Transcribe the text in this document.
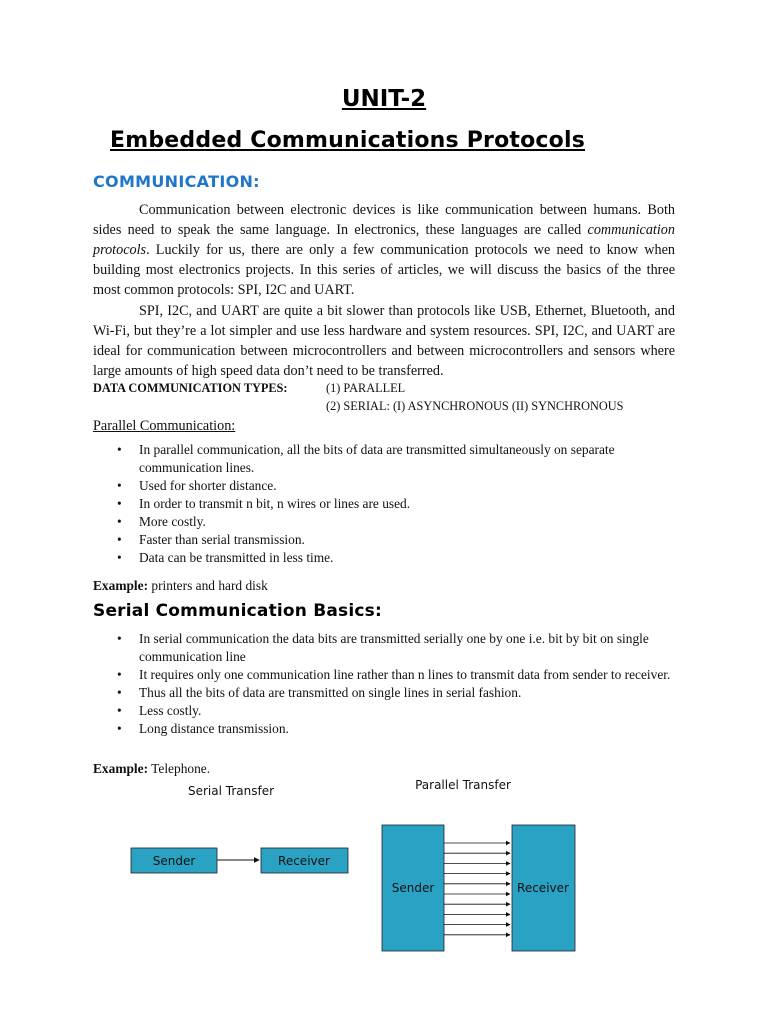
UNIT-2
Embedded Communications Protocols
COMMUNICATION:

Communication between electronic devices is like communication between humans. Both sides need to speak the same language. In electronics, these languages are called communication protocols. Luckily for us, there are only a few communication protocols we need to know when building most electronics projects. In this series of articles, we will discuss the basics of the three most common protocols: SPI, I2C and UART.

SPI, I2C, and UART are quite a bit slower than protocols like USB, Ethernet, Bluetooth, and Wi-Fi, but they’re a lot simpler and use less hardware and system resources. SPI, I2C, and UART are ideal for communication between microcontrollers and between microcontrollers and sensors where large amounts of high speed data don’t need to be transferred.

DATA COMMUNICATION TYPES:	(1) PARALLEL
(2) SERIAL: (I) ASYNCHRONOUS (II) SYNCHRONOUS
Parallel Communication:
• In parallel communication, all the bits of data are transmitted simultaneously on separate communication lines.
• Used for shorter distance.
• In order to transmit n bit, n wires or lines are used.
• More costly.
• Faster than serial transmission.
• Data can be transmitted in less time.
Example: printers and hard disk
Serial Communication Basics:
• In serial communication the data bits are transmitted serially one by one i.e. bit by bit on single communication line
• It requires only one communication line rather than n lines to transmit data from sender to receiver.
• Thus all the bits of data are transmitted on single lines in serial fashion.
• Less costly.
• Long distance transmission.
Example: Telephone.
Serial Transfer
Sender	Receiver
Parallel Transfer
Sender	Receiver
